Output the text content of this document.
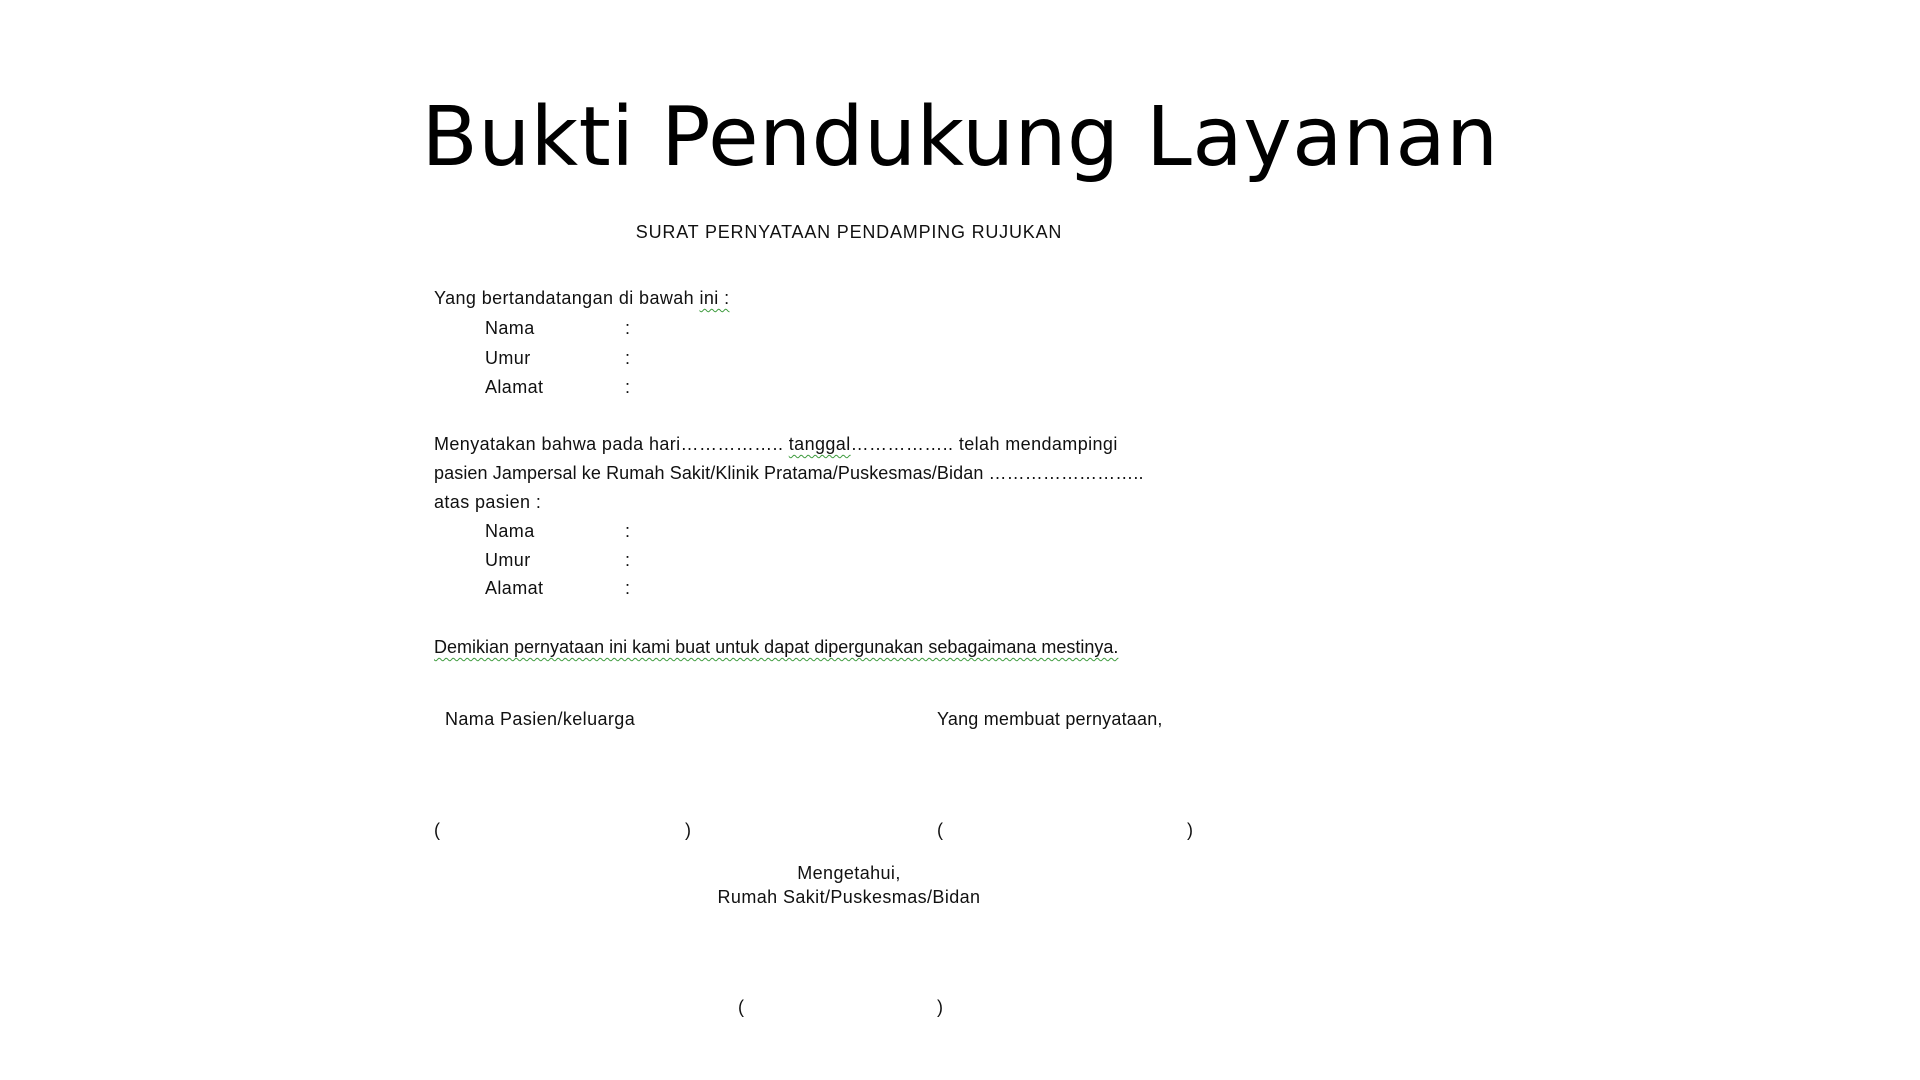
Bukti Pendukung Layanan
SURAT PERNYATAAN PENDAMPING RUJUKAN
Yang bertandatangan di bawah ini :
Nama	:
Umur	:
Alamat	:
Menyatakan bahwa pada hari…………….. tanggal…………….. telah mendampingi
pasien Jampersal ke Rumah Sakit/Klinik Pratama/Puskesmas/Bidan ……………………..
atas pasien :
Nama	:
Umur	:
Alamat	:
Demikian pernyataan ini kami buat untuk dapat dipergunakan sebagaimana mestinya.
Nama Pasien/keluarga	Yang membuat pernyataan,
(	)	(	)
Mengetahui,
Rumah Sakit/Puskesmas/Bidan
(	)
